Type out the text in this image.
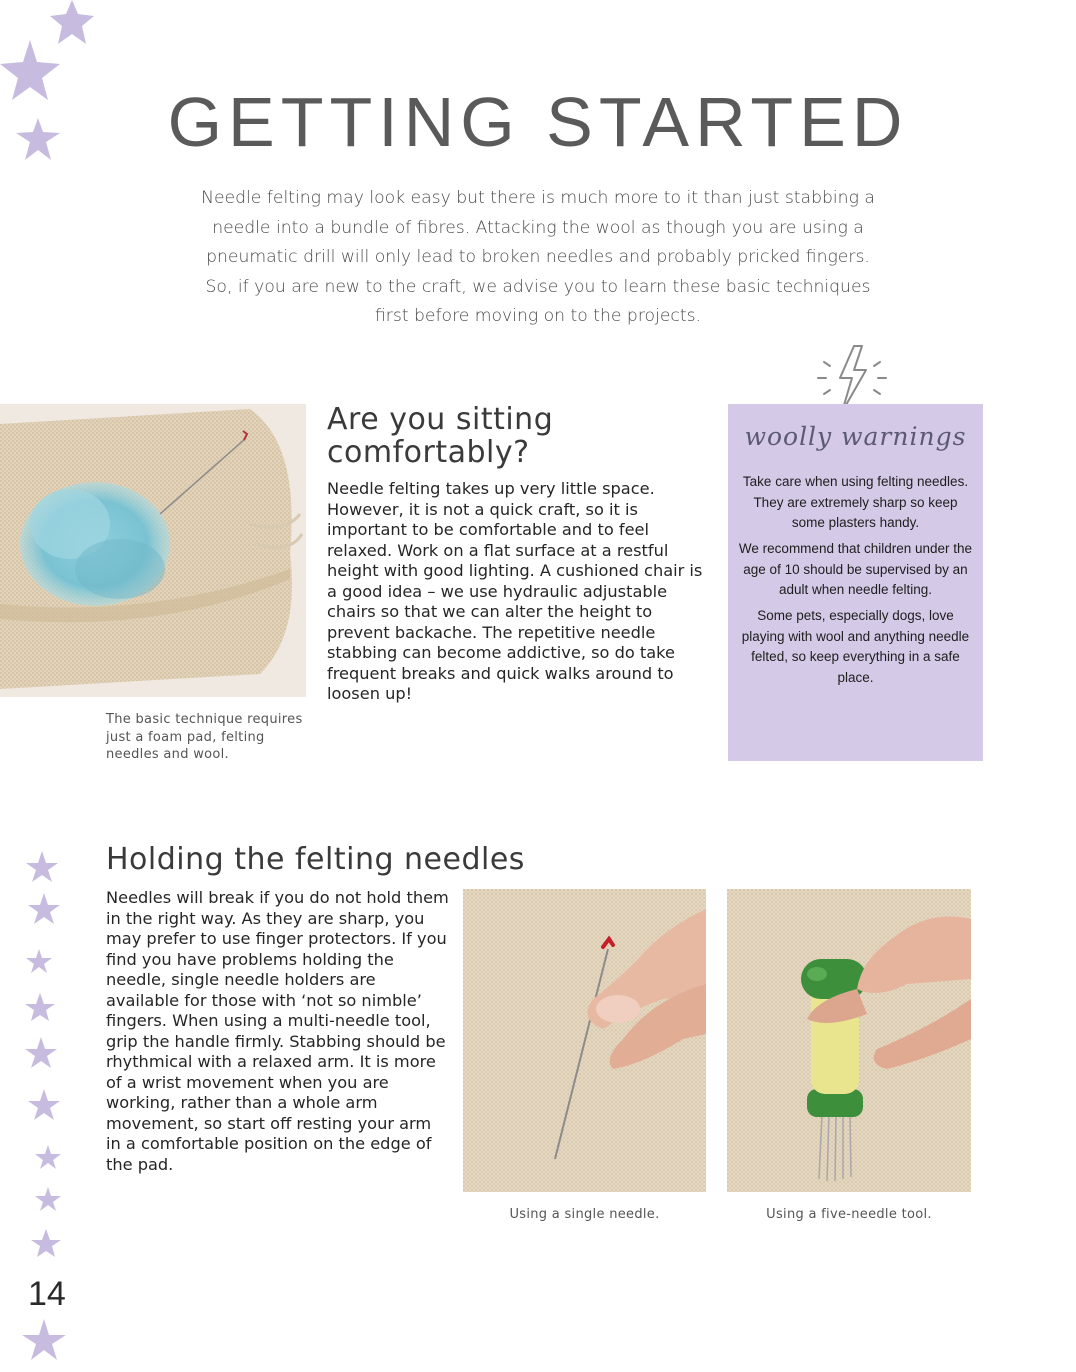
GETTING STARTED

Needle felting may look easy but there is much more to it than just stabbing a needle into a bundle of fibres. Attacking the wool as though you are using a pneumatic drill will only lead to broken needles and probably pricked fingers. So, if you are new to the craft, we advise you to learn these basic techniques first before moving on to the projects.

The basic technique requires just a foam pad, felting needles and wool.

Are you sitting comfortably?

Needle felting takes up very little space. However, it is not a quick craft, so it is important to be comfortable and to feel relaxed. Work on a flat surface at a restful height with good lighting. A cushioned chair is a good idea – we use hydraulic adjustable chairs so that we can alter the height to prevent backache. The repetitive needle stabbing can become addictive, so do take frequent breaks and quick walks around to loosen up!

woolly warnings

Take care when using felting needles. They are extremely sharp so keep some plasters handy.

We recommend that children under the age of 10 should be supervised by an adult when needle felting.

Some pets, especially dogs, love playing with wool and anything needle felted, so keep everything in a safe place.

Holding the felting needles

Needles will break if you do not hold them in the right way. As they are sharp, you may prefer to use finger protectors. If you find you have problems holding the needle, single needle holders are available for those with ‘not so nimble’ fingers. When using a multi-needle tool, grip the handle firmly. Stabbing should be rhythmical with a relaxed arm. It is more of a wrist movement when you are working, rather than a whole arm movement, so start off resting your arm in a comfortable position on the edge of the pad.

Using a single needle.	Using a five-needle tool.

14
